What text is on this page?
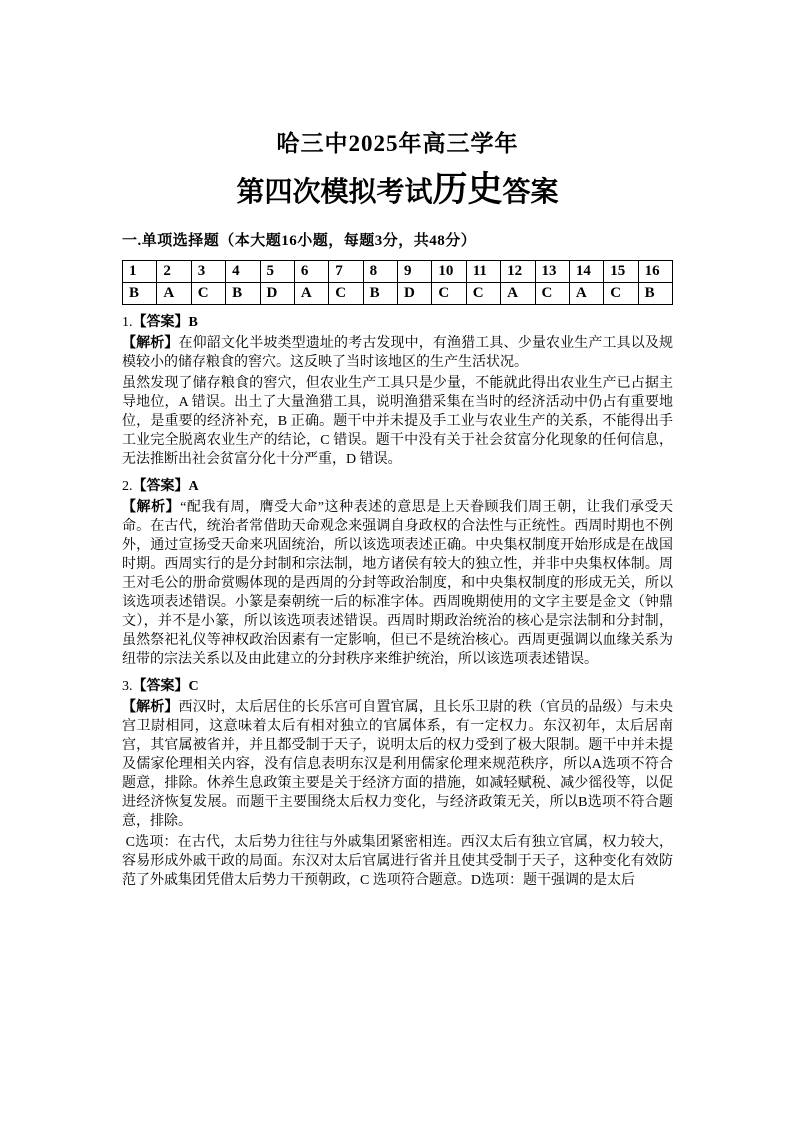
哈三中2025年高三学年
第四次模拟考试历史答案
一.单项选择题（本大题16小题，每题3分，共48分）
1	2	3	4	5	6	7	8	9	10	11	12	13	14	15	16
B	A	C	B	D	A	C	B	D	C	C	A	C	A	C	B

1.【答案】B

【解析】在仰韶文化半坡类型遗址的考古发现中，有渔猎工具、少量农业生产工具以及规模较小的储存粮食的窖穴。这反映了当时该地区的生产生活状况。

虽然发现了储存粮食的窖穴，但农业生产工具只是少量，不能就此得出农业生产已占据主导地位，A 错误。出土了大量渔猎工具，说明渔猎采集在当时的经济活动中仍占有重要地位，是重要的经济补充，B 正确。题干中并未提及手工业与农业生产的关系，不能得出手工业完全脱离农业生产的结论，C 错误。题干中没有关于社会贫富分化现象的任何信息，无法推断出社会贫富分化十分严重，D 错误。

2.【答案】A

【解析】“配我有周，膺受大命”这种表述的意思是上天眷顾我们周王朝，让我们承受天命。在古代，统治者常借助天命观念来强调自身政权的合法性与正统性。西周时期也不例外，通过宣扬受天命来巩固统治，所以该选项表述正确。中央集权制度开始形成是在战国时期。西周实行的是分封制和宗法制，地方诸侯有较大的独立性，并非中央集权体制。周王对毛公的册命赏赐体现的是西周的分封等政治制度，和中央集权制度的形成无关，所以该选项表述错误。小篆是秦朝统一后的标准字体。西周晚期使用的文字主要是金文（钟鼎文），并不是小篆，所以该选项表述错误。西周时期政治统治的核心是宗法制和分封制，虽然祭祀礼仪等神权政治因素有一定影响，但已不是统治核心。西周更强调以血缘关系为纽带的宗法关系以及由此建立的分封秩序来维护统治，所以该选项表述错误。

3.【答案】C

【解析】西汉时，太后居住的长乐宫可自置官属，且长乐卫尉的秩（官员的品级）与未央宫卫尉相同，这意味着太后有相对独立的官属体系，有一定权力。东汉初年，太后居南宫，其官属被省并，并且都受制于天子，说明太后的权力受到了极大限制。题干中并未提及儒家伦理相关内容，没有信息表明东汉是利用儒家伦理来规范秩序，所以A选项不符合题意，排除。休养生息政策主要是关于经济方面的措施，如减轻赋税、减少徭役等，以促进经济恢复发展。而题干主要围绕太后权力变化，与经济政策无关，所以B选项不符合题意，排除。

C选项：在古代，太后势力往往与外戚集团紧密相连。西汉太后有独立官属，权力较大，容易形成外戚干政的局面。东汉对太后官属进行省并且使其受制于天子，这种变化有效防范了外戚集团凭借太后势力干预朝政，C 选项符合题意。D选项：题干强调的是太后
